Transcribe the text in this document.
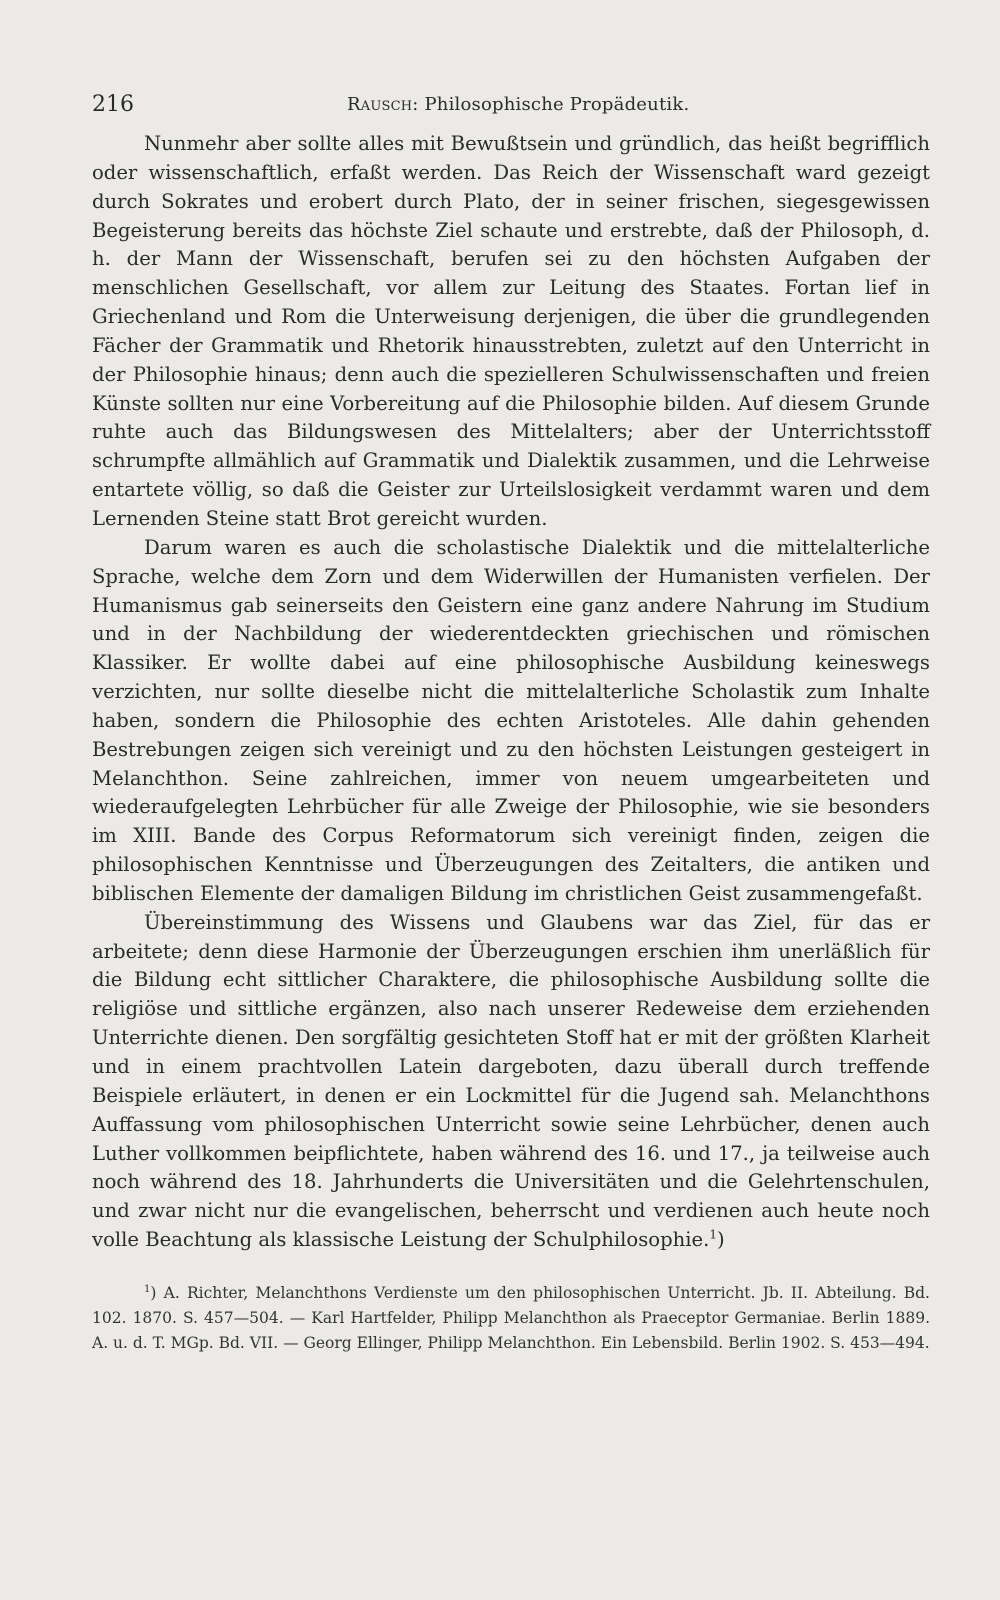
216	Rausch: Philosophische Propädeutik.

Nunmehr aber sollte alles mit Bewußtsein und gründlich, das heißt begrifflich oder wissenschaftlich, erfaßt werden. Das Reich der Wissenschaft ward gezeigt durch Sokrates und erobert durch Plato, der in seiner frischen, siegesgewissen Begeisterung bereits das höchste Ziel schaute und erstrebte, daß der Philosoph, d. h. der Mann der Wissenschaft, berufen sei zu den höchsten Aufgaben der menschlichen Gesellschaft, vor allem zur Leitung des Staates. Fortan lief in Griechenland und Rom die Unterweisung derjenigen, die über die grundlegenden Fächer der Grammatik und Rhetorik hinausstrebten, zuletzt auf den Unterricht in der Philosophie hinaus; denn auch die spezielleren Schulwissenschaften und freien Künste sollten nur eine Vorbereitung auf die Philosophie bilden. Auf diesem Grunde ruhte auch das Bildungswesen des Mittelalters; aber der Unterrichtsstoff schrumpfte allmählich auf Grammatik und Dialektik zusammen, und die Lehrweise entartete völlig, so daß die Geister zur Urteilslosigkeit verdammt waren und dem Lernenden Steine statt Brot gereicht wurden.

Darum waren es auch die scholastische Dialektik und die mittelalterliche Sprache, welche dem Zorn und dem Widerwillen der Humanisten verfielen. Der Humanismus gab seinerseits den Geistern eine ganz andere Nahrung im Studium und in der Nachbildung der wiederentdeckten griechischen und römischen Klassiker. Er wollte dabei auf eine philosophische Ausbildung keineswegs verzichten, nur sollte dieselbe nicht die mittelalterliche Scholastik zum Inhalte haben, sondern die Philosophie des echten Aristoteles. Alle dahin gehenden Bestrebungen zeigen sich vereinigt und zu den höchsten Leistungen gesteigert in Melanchthon. Seine zahlreichen, immer von neuem umgearbeiteten und wiederaufgelegten Lehrbücher für alle Zweige der Philosophie, wie sie besonders im XIII. Bande des Corpus Reformatorum sich vereinigt finden, zeigen die philosophischen Kenntnisse und Überzeugungen des Zeitalters, die antiken und biblischen Elemente der damaligen Bildung im christlichen Geist zusammengefaßt.

Übereinstimmung des Wissens und Glaubens war das Ziel, für das er arbeitete; denn diese Harmonie der Überzeugungen erschien ihm unerläßlich für die Bildung echt sittlicher Charaktere, die philosophische Ausbildung sollte die religiöse und sittliche ergänzen, also nach unserer Redeweise dem erziehenden Unterrichte dienen. Den sorgfältig gesichteten Stoff hat er mit der größten Klarheit und in einem prachtvollen Latein dargeboten, dazu überall durch treffende Beispiele erläutert, in denen er ein Lockmittel für die Jugend sah. Melanchthons Auffassung vom philosophischen Unterricht sowie seine Lehrbücher, denen auch Luther vollkommen beipflichtete, haben während des 16. und 17., ja teilweise auch noch während des 18. Jahrhunderts die Universitäten und die Gelehrtenschulen, und zwar nicht nur die evangelischen, beherrscht und verdienen auch heute noch volle Beachtung als klassische Leistung der Schulphilosophie.$^1$)

$^1$) A. Richter, Melanchthons Verdienste um den philosophischen Unterricht. Jb. II. Abteilung. Bd. 102. 1870. S. 457—504. — Karl Hartfelder, Philipp Melanchthon als Praeceptor Germaniae. Berlin 1889. A. u. d. T. MGp. Bd. VII. — Georg Ellinger, Philipp Melanchthon. Ein Lebensbild. Berlin 1902. S. 453—494.
